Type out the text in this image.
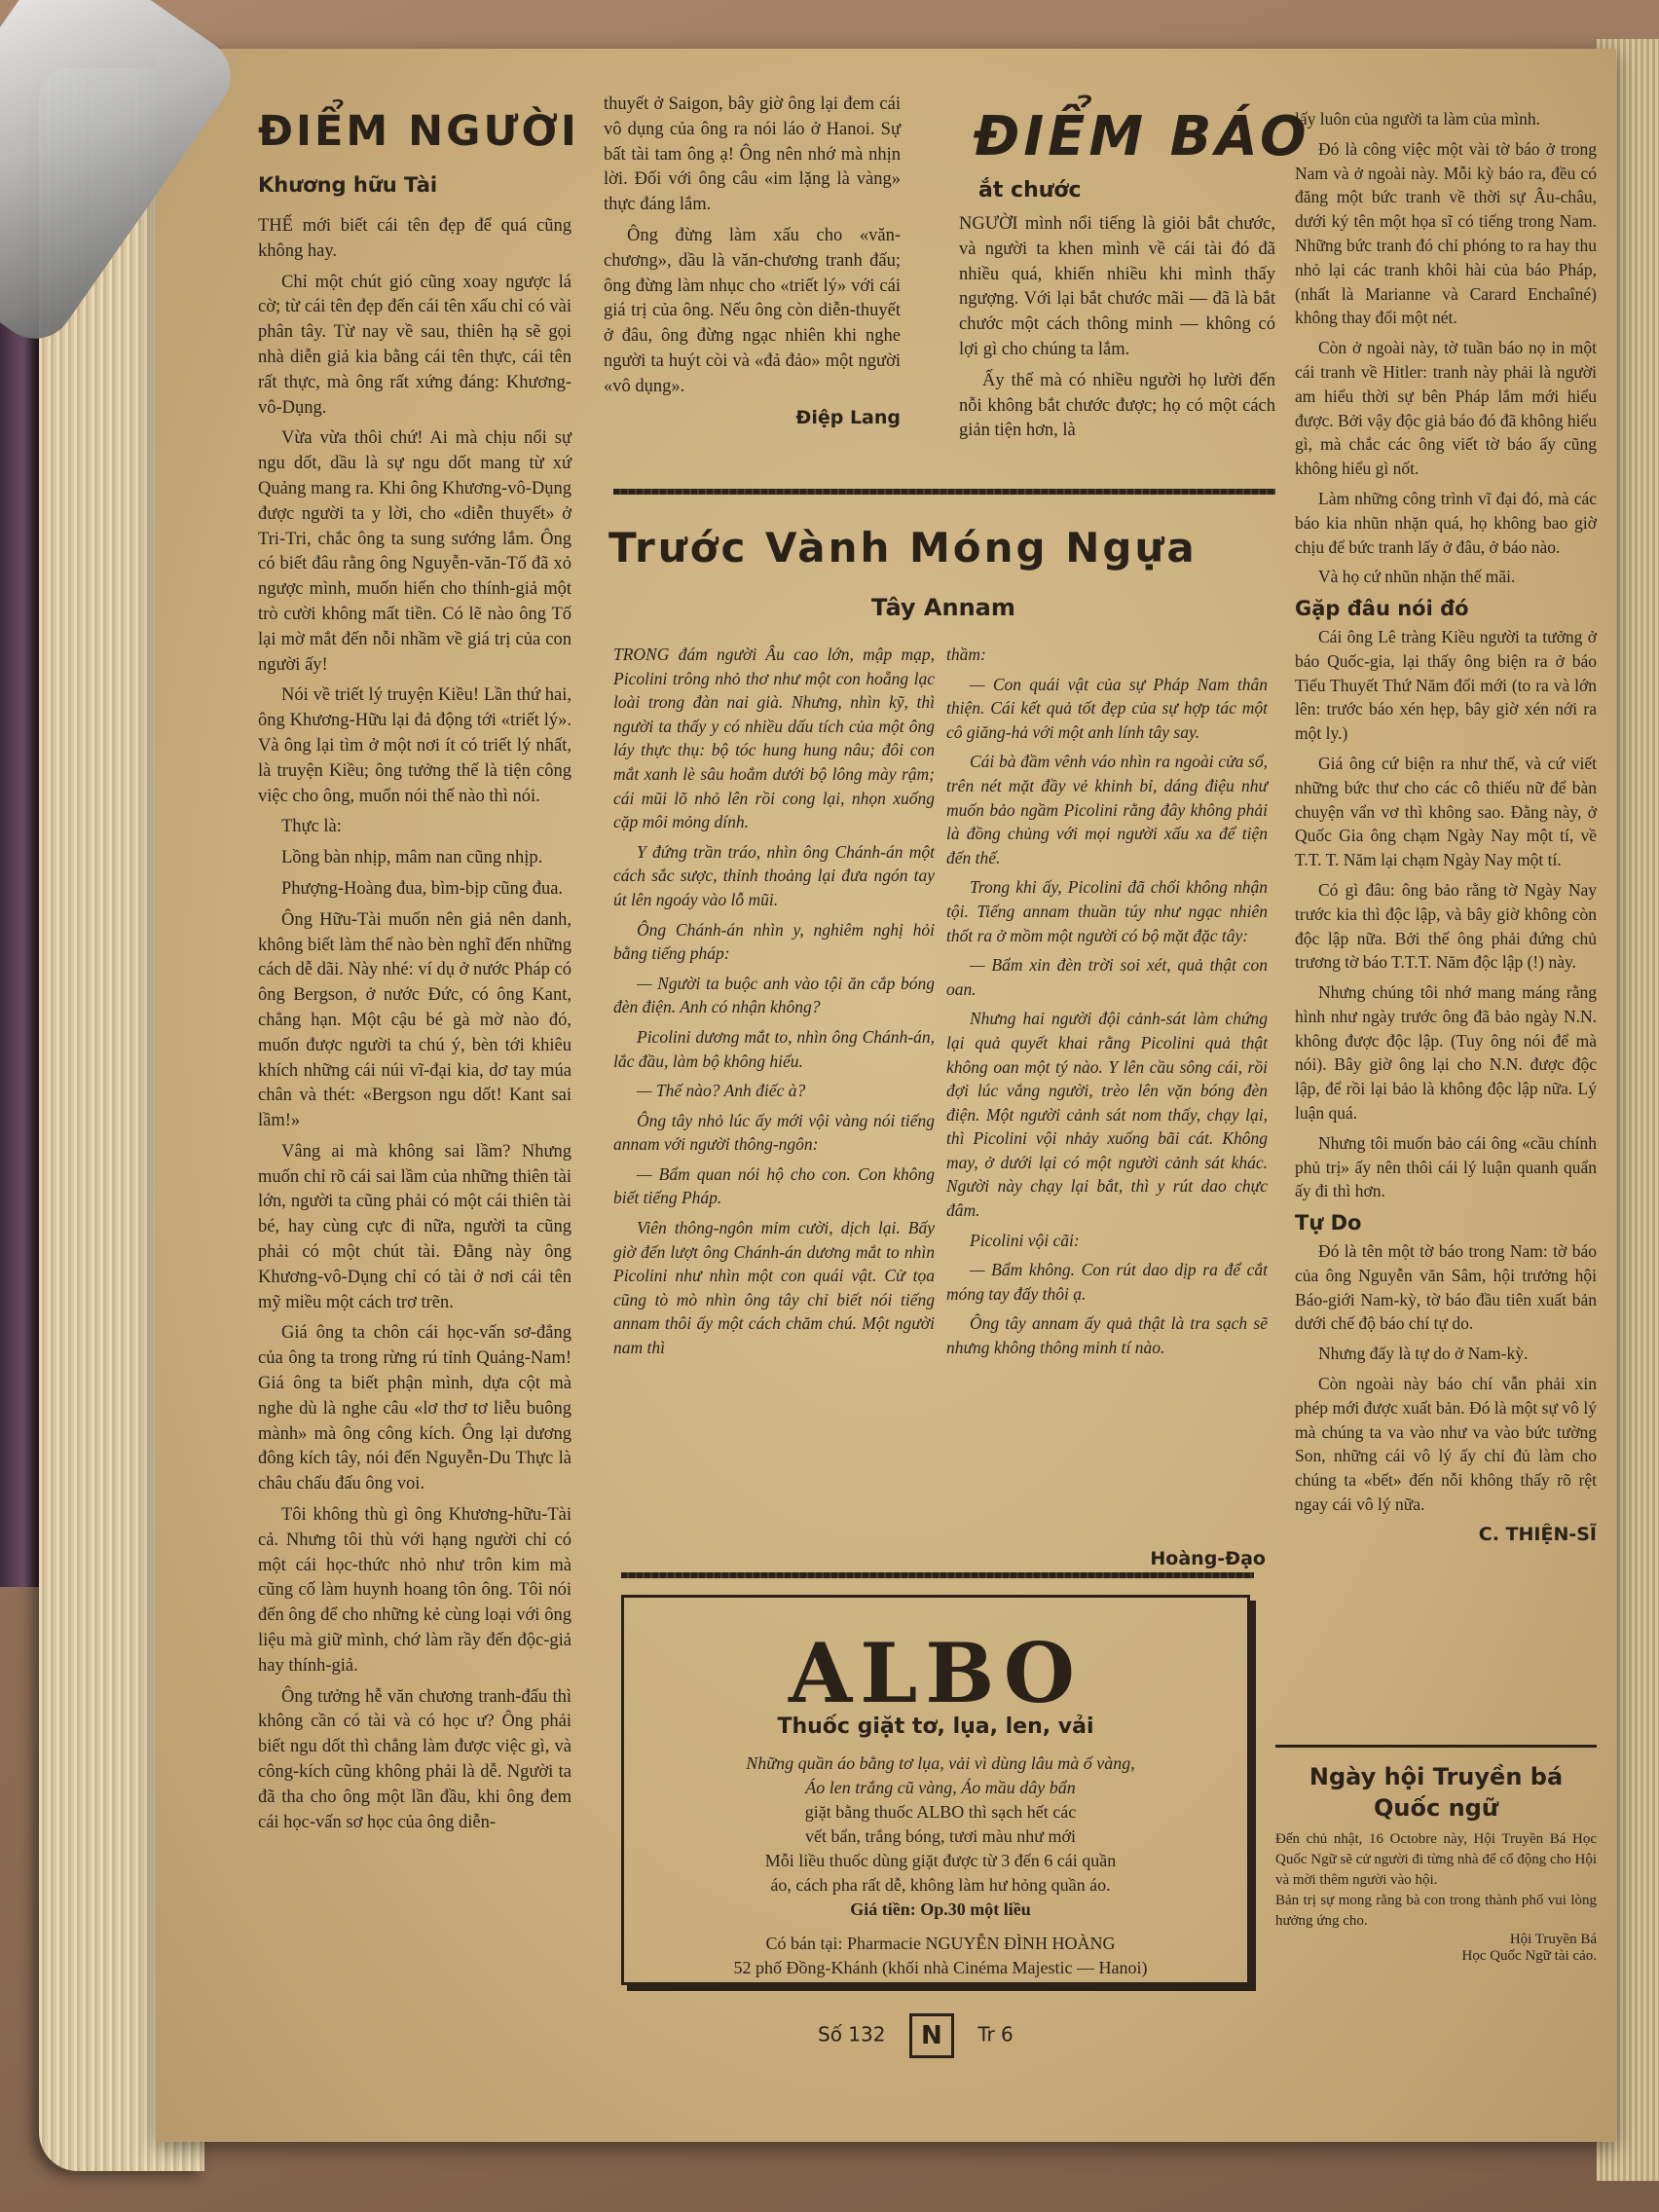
ĐIỂM NGƯỜI
Khương hữu Tài

THẾ mới biết cái tên đẹp để quá cũng không hay.

Chỉ một chút gió cũng xoay ngược lá cờ; từ cái tên đẹp đến cái tên xấu chỉ có vài phân tây. Từ nay về sau, thiên hạ sẽ gọi nhà diễn giả kia bằng cái tên thực, cái tên rất thực, mà ông rất xứng đáng: Khương-vô-Dụng.

Vừa vừa thôi chứ! Ai mà chịu nổi sự ngu dốt, dầu là sự ngu dốt mang từ xứ Quảng mang ra. Khi ông Khương-vô-Dụng được người ta y lời, cho «diễn thuyết» ở Tri-Tri, chắc ông ta sung sướng lắm. Ông có biết đâu rằng ông Nguyễn-văn-Tố đã xỏ ngược mình, muốn hiến cho thính-giả một trò cười không mất tiền. Có lẽ nào ông Tố lại mờ mắt đến nỗi nhầm về giá trị của con người ấy!

Nói về triết lý truyện Kiều! Lần thứ hai, ông Khương-Hữu lại đả động tới «triết lý». Và ông lại tìm ở một nơi ít có triết lý nhất, là truyện Kiều; ông tưởng thế là tiện công việc cho ông, muốn nói thế nào thì nói.

Thực là:

Lồng bàn nhịp, mâm nan cũng nhịp.

Phượng-Hoàng đua, bìm-bịp cũng đua.

Ông Hữu-Tài muốn nên giả nên danh, không biết làm thế nào bèn nghĩ đến những cách dễ dãi. Này nhé: ví dụ ở nước Pháp có ông Bergson, ở nước Đức, có ông Kant, chẳng hạn. Một cậu bé gà mờ nào đó, muốn được người ta chú ý, bèn tới khiêu khích những cái núi vĩ-đại kia, dơ tay múa chân và thét: «Bergson ngu dốt! Kant sai lầm!»

Vâng ai mà không sai lầm? Nhưng muốn chỉ rõ cái sai lầm của những thiên tài lớn, người ta cũng phải có một cái thiên tài bé, hay cùng cực đi nữa, người ta cũng phải có một chút tài. Đằng này ông Khương-vô-Dụng chỉ có tài ở nơi cái tên mỹ miều một cách trơ trẽn.

Giá ông ta chôn cái học-vấn sơ-đẳng của ông ta trong rừng rú tỉnh Quảng-Nam! Giá ông ta biết phận mình, dựa cột mà nghe dù là nghe câu «lơ thơ tơ liễu buông mành» mà ông công kích. Ông lại dương đông kích tây, nói đến Nguyễn-Du Thực là châu chấu đấu ông voi.

Tôi không thù gì ông Khương-hữu-Tài cả. Nhưng tôi thù với hạng người chỉ có một cái học-thức nhỏ như trôn kim mà cũng cố làm huynh hoang tôn ông. Tôi nói đến ông để cho những kẻ cùng loại với ông liệu mà giữ mình, chớ làm rầy đến độc-giả hay thính-giả.

Ông tưởng hễ văn chương tranh-đấu thì không cần có tài và có học ư? Ông phải biết ngu dốt thì chẳng làm được việc gì, và công-kích cũng không phải là dễ. Người ta đã tha cho ông một lần đầu, khi ông đem cái học-vấn sơ học của ông diễn-

thuyết ở Saigon, bây giờ ông lại đem cái vô dụng của ông ra nói láo ở Hanoi. Sự bất tài tam ông ạ! Ông nên nhớ mà nhịn lời. Đối với ông câu «im lặng là vàng» thực đáng lắm.

Ông đừng làm xấu cho «văn-chương», dầu là văn-chương tranh đấu; ông đừng làm nhục cho «triết lý» với cái giá trị của ông. Nếu ông còn diễn-thuyết ở đâu, ông đừng ngạc nhiên khi nghe người ta huýt còi và «đả đảo» một người «vô dụng».

Điệp Lang
ĐIỂM BÁO
ắt chước

NGƯỜI mình nổi tiếng là giỏi bắt chước, và người ta khen mình về cái tài đó đã nhiều quá, khiến nhiều khi mình thấy ngượng. Với lại bắt chước mãi — đã là bắt chước một cách thông minh — không có lợi gì cho chúng ta lắm.

Ấy thế mà có nhiều người họ lười đến nỗi không bắt chước được; họ có một cách giản tiện hơn, là

lấy luôn của người ta làm của mình.

Đó là công việc một vài tờ báo ở trong Nam và ở ngoài này. Mỗi kỳ báo ra, đều có đăng một bức tranh về thời sự Âu-châu, dưới ký tên một họa sĩ có tiếng trong Nam. Những bức tranh đó chỉ phóng to ra hay thu nhỏ lại các tranh khôi hài của báo Pháp, (nhất là Marianne và Carard Enchaîné) không thay đổi một nét.

Còn ở ngoài này, tờ tuần báo nọ in một cái tranh về Hitler: tranh này phải là người am hiểu thời sự bên Pháp lắm mới hiểu được. Bởi vậy độc giả báo đó đã không hiểu gì, mà chắc các ông viết tờ báo ấy cũng không hiểu gì nốt.

Làm những công trình vĩ đại đó, mà các báo kia nhũn nhặn quá, họ không bao giờ chịu để bức tranh lấy ở đâu, ở báo nào.

Và họ cứ nhũn nhặn thế mãi.

Gặp đâu nói đó

Cái ông Lê tràng Kiều người ta tưởng ở báo Quốc-gia, lại thấy ông biện ra ở báo Tiểu Thuyết Thứ Năm đổi mới (to ra và lớn lên: trước báo xén hẹp, bây giờ xén nới ra một ly.)

Giá ông cứ biện ra như thế, và cứ viết những bức thư cho các cô thiếu nữ để bàn chuyện vẩn vơ thì không sao. Đằng này, ở Quốc Gia ông chạm Ngày Nay một tí, về T.T. T. Năm lại chạm Ngày Nay một tí.

Có gì đâu: ông bảo rằng tờ Ngày Nay trước kia thì độc lập, và bây giờ không còn độc lập nữa. Bởi thế ông phải đứng chủ trương tờ báo T.T.T. Năm độc lập (!) này.

Nhưng chúng tôi nhớ mang máng rằng hình như ngày trước ông đã bảo ngày N.N. không được độc lập. (Tuy ông nói để mà nói). Bây giờ ông lại cho N.N. được độc lập, để rồi lại bảo là không độc lập nữa. Lý luận quá.

Nhưng tôi muốn bảo cái ông «cầu chính phủ trị» ấy nên thôi cái lý luận quanh quẩn ấy đi thì hơn.

Tự Do

Đó là tên một tờ báo trong Nam: tờ báo của ông Nguyễn văn Sâm, hội trưởng hội Báo-giới Nam-kỳ, tờ báo đầu tiên xuất bản dưới chế độ báo chí tự do.

Nhưng đấy là tự do ở Nam-kỳ.

Còn ngoài này báo chí vẫn phải xin phép mới được xuất bản. Đó là một sự vô lý mà chúng ta va vào như va vào bức tường Son, những cái vô lý ấy chỉ đủ làm cho chúng ta «bết» đến nỗi không thấy rõ rệt ngay cái vô lý nữa.

C. THIỆN-SĨ
Trước Vành Móng Ngựa
Tây Annam

TRONG đám người Âu cao lớn, mập mạp, Picolini trông nhỏ thơ như một con hoẵng lạc loài trong đàn nai già. Nhưng, nhìn kỹ, thì người ta thấy y có nhiều dấu tích của một ông láy thực thụ: bộ tóc hung hung nâu; đôi con mắt xanh lè sâu hoắm dưới bộ lông mày rậm; cái mũi lõ nhỏ lên rồi cong lại, nhọn xuống cặp môi mỏng dính.

Y đứng trần tráo, nhìn ông Chánh-án một cách sắc sược, thỉnh thoảng lại đưa ngón tay út lên ngoáy vào lỗ mũi.

Ông Chánh-án nhìn y, nghiêm nghị hỏi bằng tiếng pháp:

— Người ta buộc anh vào tội ăn cắp bóng đèn điện. Anh có nhận không?

Picolini dương mắt to, nhìn ông Chánh-án, lắc đầu, làm bộ không hiểu.

— Thế nào? Anh điếc à?

Ông tây nhỏ lúc ấy mới vội vàng nói tiếng annam với người thông-ngôn:

— Bẩm quan nói hộ cho con. Con không biết tiếng Pháp.

Viên thông-ngôn mỉm cười, dịch lại. Bấy giờ đến lượt ông Chánh-án dương mắt to nhìn Picolini như nhìn một con quái vật. Cử tọa cũng tò mò nhìn ông tây chỉ biết nói tiếng annam thôi ấy một cách chăm chú. Một người nam thì

thầm:

— Con quái vật của sự Pháp Nam thân thiện. Cái kết quả tốt đẹp của sự hợp tác một cô giăng-hả với một anh lính tây say.

Cái bà đầm vênh váo nhìn ra ngoài cửa sổ, trên nét mặt đầy vẻ khinh bỉ, dáng điệu như muốn bảo ngầm Picolini rằng đây không phải là đồng chủng với mọi người xấu xa để tiện đến thế.

Trong khi ấy, Picolini đã chối không nhận tội. Tiếng annam thuần túy như ngạc nhiên thốt ra ở mồm một người có bộ mặt đặc tây:

— Bẩm xin đèn trời soi xét, quả thật con oan.

Nhưng hai người đội cảnh-sát làm chứng lại quả quyết khai rằng Picolini quả thật không oan một tý nào. Y lên cầu sông cái, rồi đợi lúc vắng người, trèo lên vặn bóng đèn điện. Một người cảnh sát nom thấy, chạy lại, thì Picolini vội nhảy xuống bãi cát. Không may, ở dưới lại có một người cảnh sát khác. Người này chạy lại bắt, thì y rút dao chực đâm.

Picolini vội cãi:

— Bẩm không. Con rút dao dịp ra để cắt móng tay đấy thôi ạ.

Ông tây annam ấy quả thật là tra sạch sẽ nhưng không thông minh tí nào.

Hoàng-Đạo
ALBO
Thuốc giặt tơ, lụa, len, vải
Những quần áo bằng tơ lụa, vải vì dùng lâu mà ố vàng,
Áo len trắng cũ vàng, Áo mầu dây bẩn
giặt bằng thuốc ALBO thì sạch hết các
vết bẩn, trắng bóng, tươi màu như mới
Mỗi liều thuốc dùng giặt được từ 3 đến 6 cái quần
áo, cách pha rất dễ, không làm hư hỏng quần áo.
Giá tiền: Op.30 một liều
Có bán tại: Pharmacie NGUYỄN ĐÌNH HOÀNG
52 phố Đồng-Khánh (khối nhà Cinéma Majestic — Hanoi)
Ngày hội Truyền bá Quốc ngữ
Đến chủ nhật, 16 Octobre này, Hội Truyền Bá Học Quốc Ngữ sẽ cử người đi từng nhà để cổ động cho Hội và mời thêm người vào hội.
Bản trị sự mong rằng bà con trong thành phố vui lòng hưởng ứng cho.
Hội Truyền Bá
Học Quốc Ngữ tài cảo.
Số 132 N Tr 6
